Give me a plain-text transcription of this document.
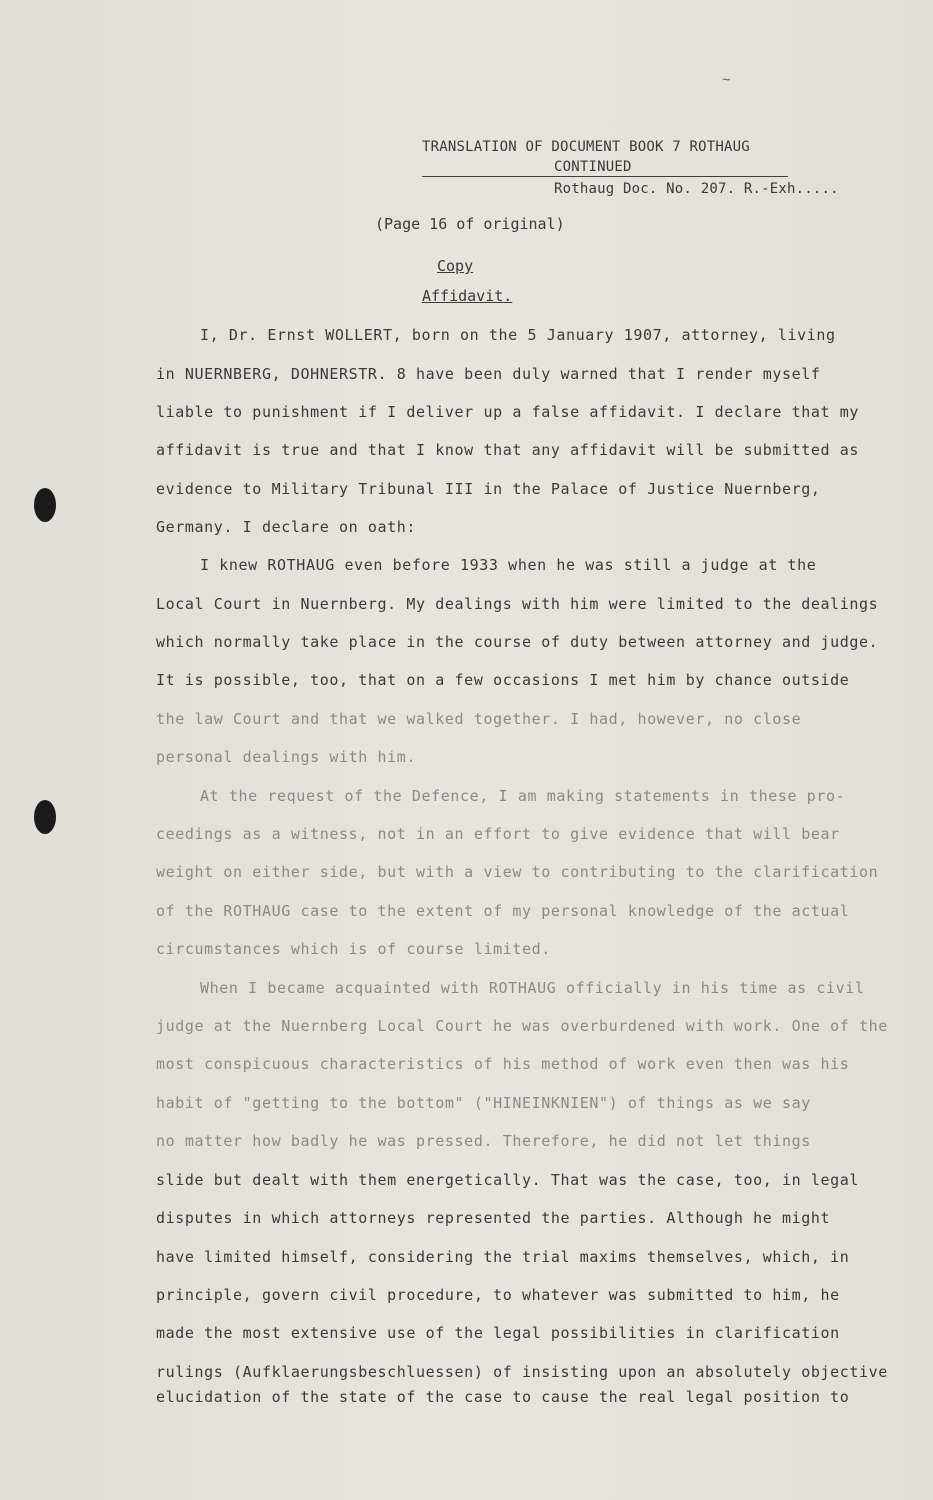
~
TRANSLATION OF DOCUMENT BOOK 7 ROTHAUG
CONTINUED
Rothaug Doc. No. 207. R.-Exh.....
(Page 16 of original)
Copy
Affidavit.
I, Dr. Ernst WOLLERT, born on the 5 January 1907, attorney, living
in NUERNBERG, DOHNERSTR. 8 have been duly warned that I render myself
liable to punishment if I deliver up a false affidavit. I declare that my
affidavit is true and that I know that any affidavit will be submitted as
evidence to Military Tribunal III in the Palace of Justice Nuernberg,
Germany. I declare on oath:
I knew ROTHAUG even before 1933 when he was still a judge at the
Local Court in Nuernberg. My dealings with him were limited to the dealings
which normally take place in the course of duty between attorney and judge.
It is possible, too, that on a few occasions I met him by chance outside
the law Court and that we walked together. I had, however, no close
personal dealings with him.
At the request of the Defence, I am making statements in these pro-
ceedings as a witness, not in an effort to give evidence that will bear
weight on either side, but with a view to contributing to the clarification
of the ROTHAUG case to the extent of my personal knowledge of the actual
circumstances which is of course limited.
When I became acquainted with ROTHAUG officially in his time as civil
judge at the Nuernberg Local Court he was overburdened with work. One of the
most conspicuous characteristics of his method of work even then was his
habit of "getting to the bottom" ("HINEINKNIEN") of things as we say
no matter how badly he was pressed. Therefore, he did not let things
slide but dealt with them energetically. That was the case, too, in legal
disputes in which attorneys represented the parties. Although he might
have limited himself, considering the trial maxims themselves, which, in
principle, govern civil procedure, to whatever was submitted to him, he
made the most extensive use of the legal possibilities in clarification
rulings (Aufklaerungsbeschluessen) of insisting upon an absolutely objective
elucidation of the state of the case to cause the real legal position to
